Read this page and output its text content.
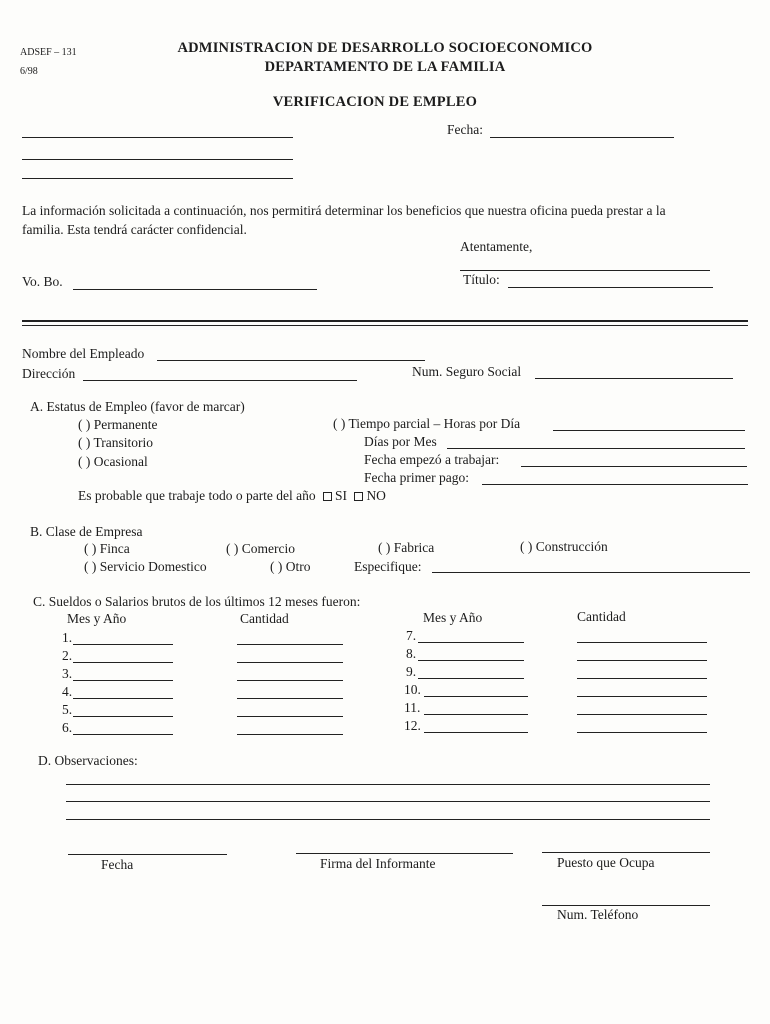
ADSEF – 131
6/98
ADMINISTRACION DE DESARROLLO SOCIOECONOMICO
DEPARTAMENTO DE LA FAMILIA
VERIFICACION DE EMPLEO
Fecha:
La información solicitada a continuación, nos permitirá determinar los beneficios que nuestra oficina pueda prestar a la
familia. Esta tendrá carácter confidencial.
Atentamente,
Vo. Bo.	Título:
Nombre del Empleado
Dirección	Num. Seguro Social
A. Estatus de Empleo (favor de marcar)
( ) Permanente
( ) Transitorio
( ) Ocasional
( ) Tiempo parcial – Horas por Día
Días por Mes
Fecha empezó a trabajar:
Fecha primer pago:
Es probable que trabaje todo o parte del año SI NO
B. Clase de Empresa
( ) Finca	( ) Comercio	( ) Fabrica	( ) Construcción
( ) Servicio Domestico	( ) Otro	Especifique:
C. Sueldos o Salarios brutos de los últimos 12 meses fueron:
Mes y Año	Cantidad	Mes y Año	Cantidad
1.
2.
3.
4.
5.
6.
7.
8.
9.
10.
11.
12.
D. Observaciones:
Fecha	Firma del Informante	Puesto que Ocupa
Num. Teléfono
